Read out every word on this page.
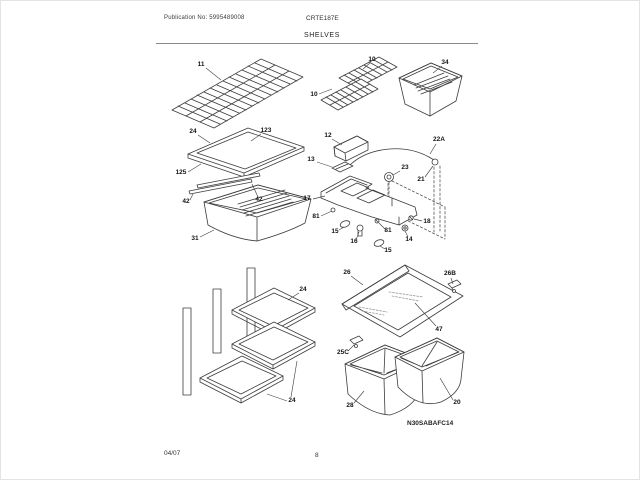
Publication No: 5995489008	CRTE187E
SHELVES
11
10
10
34
24	123
125
42	42
31
12
13
22A
23
21
17
81
15
16
81
15
14
18
24
24
26	26B
47
25C
28	20
N30SABAFC14
04/07	8
